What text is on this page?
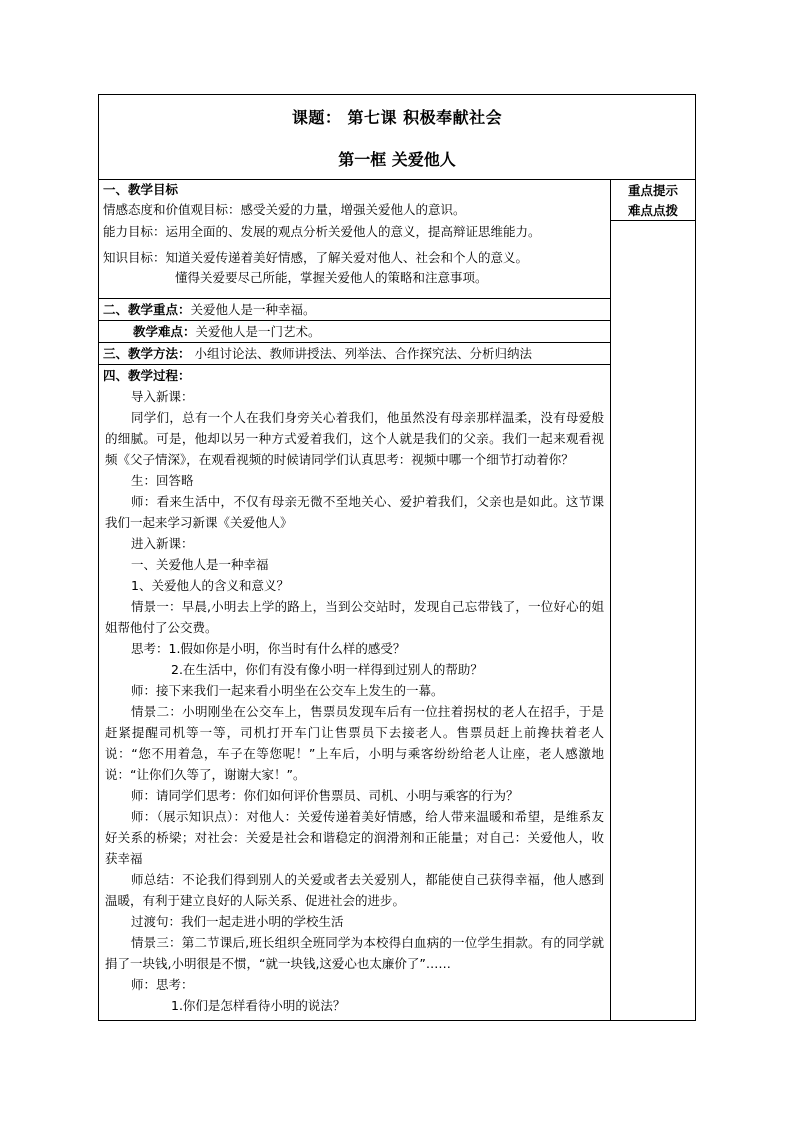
课题： 第七课 积极奉献社会
第一框 关爱他人
重点提示
难点点拨
一、教学目标
情感态度和价值观目标：感受关爱的力量，增强关爱他人的意识。
能力目标：运用全面的、发展的观点分析关爱他人的意义，提高辩证思维能力。
知识目标：知道关爱传递着美好情感，了解关爱对他人、社会和个人的意义。
懂得关爱要尽己所能，掌握关爱他人的策略和注意事项。
二、教学重点：关爱他人是一种幸福。
教学难点：关爱他人是一门艺术。
三、教学方法： 小组讨论法、教师讲授法、列举法、合作探究法、分析归纳法
四、教学过程：

导入新课：

同学们，总有一个人在我们身旁关心着我们，他虽然没有母亲那样温柔，没有母爱般的细腻。可是，他却以另一种方式爱着我们，这个人就是我们的父亲。我们一起来观看视频《父子情深》，在观看视频的时候请同学们认真思考：视频中哪一个细节打动着你？

生：回答略

师：看来生活中，不仅有母亲无微不至地关心、爱护着我们，父亲也是如此。这节课我们一起来学习新课《关爱他人》

进入新课：

一、关爱他人是一种幸福

1、关爱他人的含义和意义？

情景一：早晨,小明去上学的路上，当到公交站时，发现自己忘带钱了，一位好心的姐姐帮他付了公交费。

思考：1.假如你是小明，你当时有什么样的感受？

2.在生活中，你们有没有像小明一样得到过别人的帮助？

师：接下来我们一起来看小明坐在公交车上发生的一幕。

情景二：小明刚坐在公交车上，售票员发现车后有一位拄着拐杖的老人在招手，于是赶紧提醒司机等一等，司机打开车门让售票员下去接老人。售票员赶上前搀扶着老人说：“您不用着急，车子在等您呢！”上车后，小明与乘客纷纷给老人让座，老人感激地说：“让你们久等了，谢谢大家！”。

师：请同学们思考：你们如何评价售票员、司机、小明与乘客的行为？

师：（展示知识点）：对他人：关爱传递着美好情感，给人带来温暖和希望，是维系友好关系的桥梁；对社会：关爱是社会和谐稳定的润滑剂和正能量；对自己：关爱他人，收获幸福

师总结：不论我们得到别人的关爱或者去关爱别人，都能使自己获得幸福，他人感到温暖，有利于建立良好的人际关系、促进社会的进步。

过渡句：我们一起走进小明的学校生活

情景三：第二节课后,班长组织全班同学为本校得白血病的一位学生捐款。有的同学就捐了一块钱,小明很是不惯，“就一块钱,这爱心也太廉价了”……

师：思考：

1.你们是怎样看待小明的说法？
